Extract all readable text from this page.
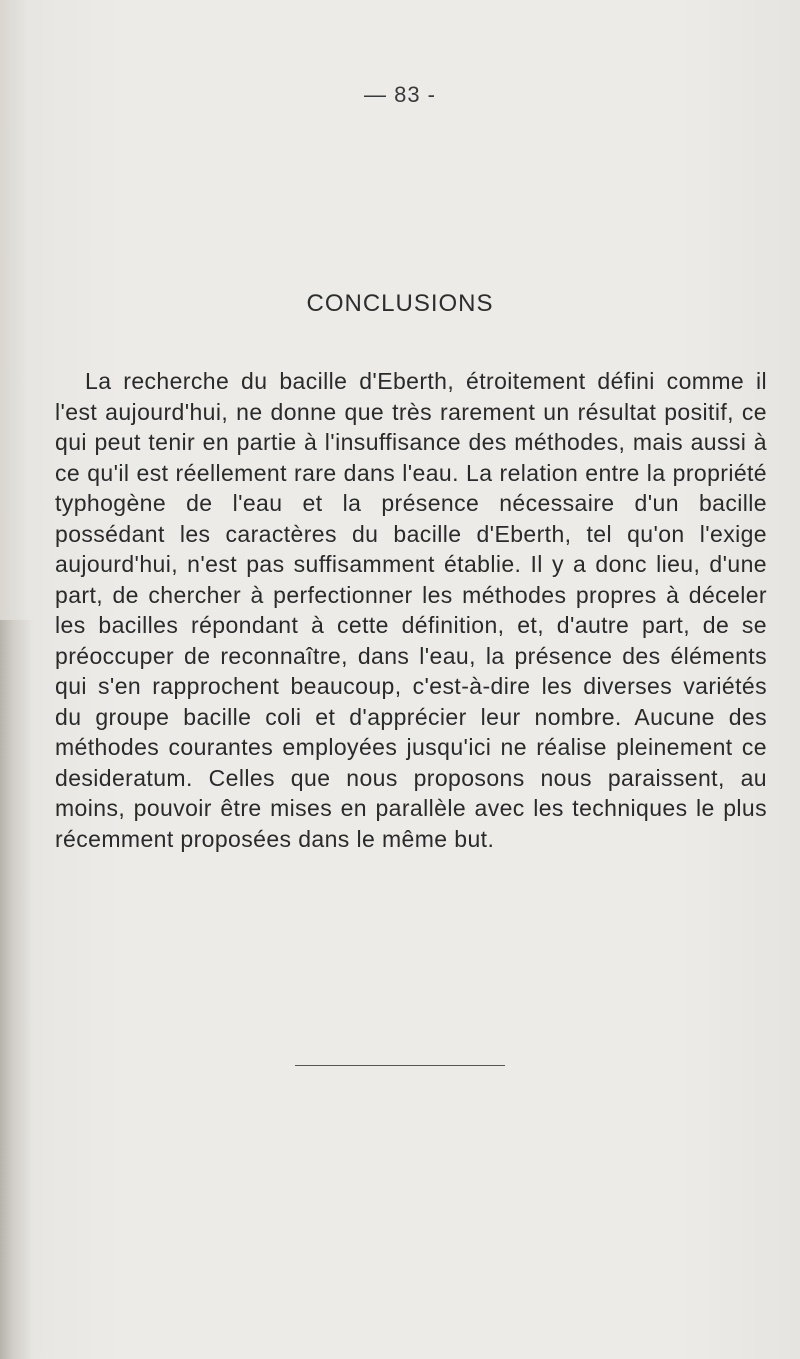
— 83 -
CONCLUSIONS

La recherche du bacille d'Eberth, étroitement défini comme il l'est aujourd'hui, ne donne que très rarement un résultat positif, ce qui peut tenir en partie à l'insuffisance des méthodes, mais aussi à ce qu'il est réellement rare dans l'eau. La relation entre la propriété typhogène de l'eau et la présence nécessaire d'un bacille possédant les caractères du bacille d'Eberth, tel qu'on l'exige aujourd'hui, n'est pas suffisamment établie. Il y a donc lieu, d'une part, de chercher à perfectionner les méthodes propres à déceler les bacilles répondant à cette définition, et, d'autre part, de se préoccuper de reconnaître, dans l'eau, la présence des éléments qui s'en rapprochent beaucoup, c'est-à-dire les diverses variétés du groupe bacille coli et d'apprécier leur nombre. Aucune des méthodes courantes employées jusqu'ici ne réalise pleinement ce desideratum. Celles que nous proposons nous paraissent, au moins, pouvoir être mises en parallèle avec les techniques le plus récemment proposées dans le même but.
